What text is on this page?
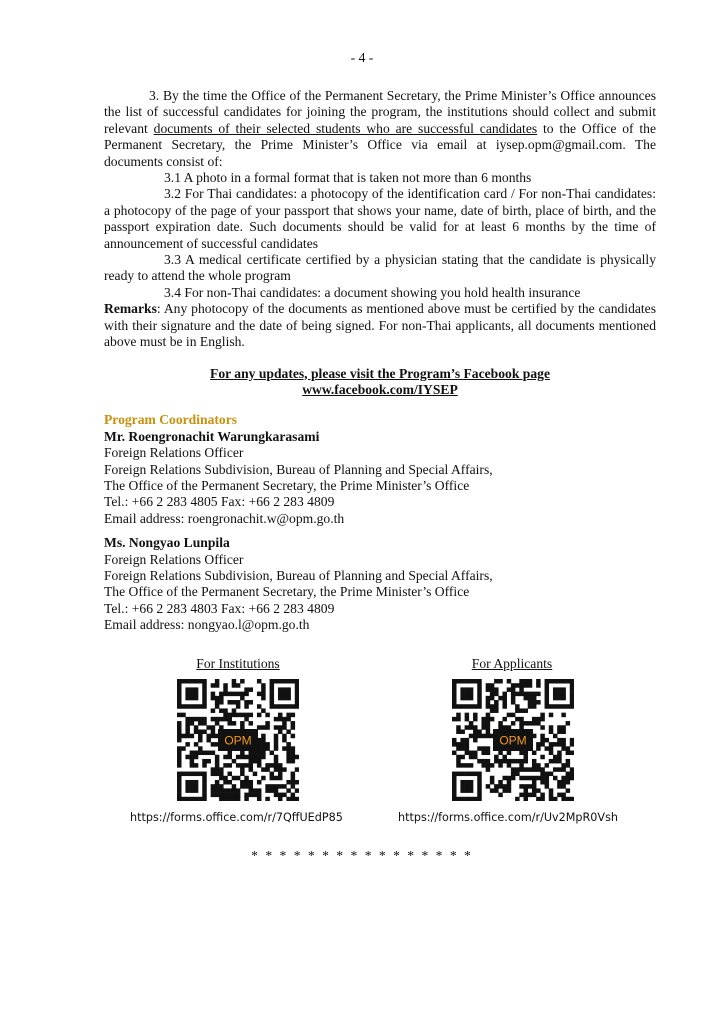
- 4 -

3. By the time the Office of the Permanent Secretary, the Prime Minister’s Office announces the list of successful candidates for joining the program, the institutions should collect and submit relevant documents of their selected students who are successful candidates to the Office of the Permanent Secretary, the Prime Minister’s Office via email at iysep.opm@gmail.com. The documents consist of:

3.1 A photo in a formal format that is taken not more than 6 months

3.2 For Thai candidates: a photocopy of the identification card / For non-Thai candidates: a photocopy of the page of your passport that shows your name, date of birth, place of birth, and the passport expiration date. Such documents should be valid for at least 6 months by the time of announcement of successful candidates

3.3 A medical certificate certified by a physician stating that the candidate is physically ready to attend the whole program

3.4 For non-Thai candidates: a document showing you hold health insurance

Remarks: Any photocopy of the documents as mentioned above must be certified by the candidates with their signature and the date of being signed. For non-Thai applicants, all documents mentioned above must be in English.

For any updates, please visit the Program’s Facebook page
www.facebook.com/IYSEP
Program Coordinators
Mr. Roengronachit Warungkarasami
Foreign Relations Officer
Foreign Relations Subdivision, Bureau of Planning and Special Affairs,
The Office of the Permanent Secretary, the Prime Minister’s Office
Tel.: +66 2 283 4805 Fax: +66 2 283 4809
Email address: roengronachit.w@opm.go.th
Ms. Nongyao Lunpila
Foreign Relations Officer
Foreign Relations Subdivision, Bureau of Planning and Special Affairs,
The Office of the Permanent Secretary, the Prime Minister’s Office
Tel.: +66 2 283 4803 Fax: +66 2 283 4809
Email address: nongyao.l@opm.go.th
For Institutions
OPM
https://forms.office.com/r/7QffUEdP85
For Applicants
OPM
https://forms.office.com/r/Uv2MpR0Vsh
* * * * * * * * * * * * * * * *
